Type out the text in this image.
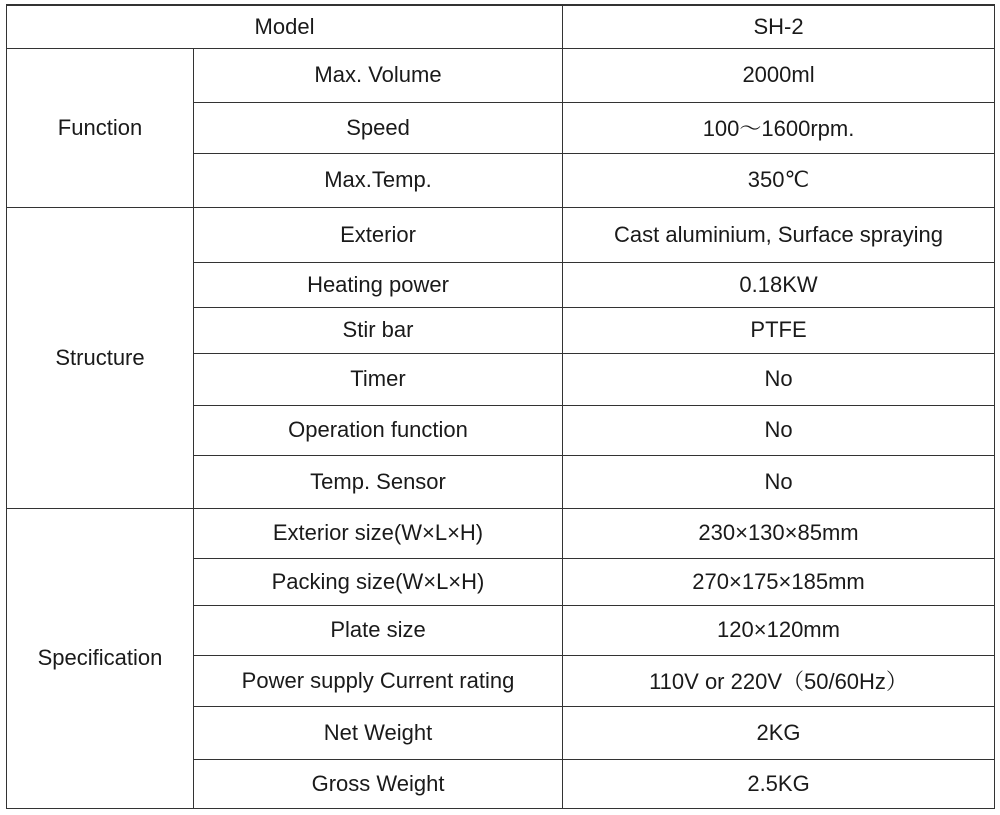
Model		SH-2
Function	Max. Volume	2000ml
	Speed	100～1600rpm.
	Max.Temp.	350℃
Structure	Exterior	Cast aluminium, Surface spraying
	Heating power	0.18KW
	Stir bar	PTFE
	Timer	No
	Operation function	No
	Temp. Sensor	No
Specification	Exterior size(W×L×H)	230×130×85mm
	Packing size(W×L×H)	270×175×185mm
	Plate size	120×120mm
	Power supply Current rating	110V or 220V（50/60Hz）
	Net Weight	2KG
	Gross Weight	2.5KG
